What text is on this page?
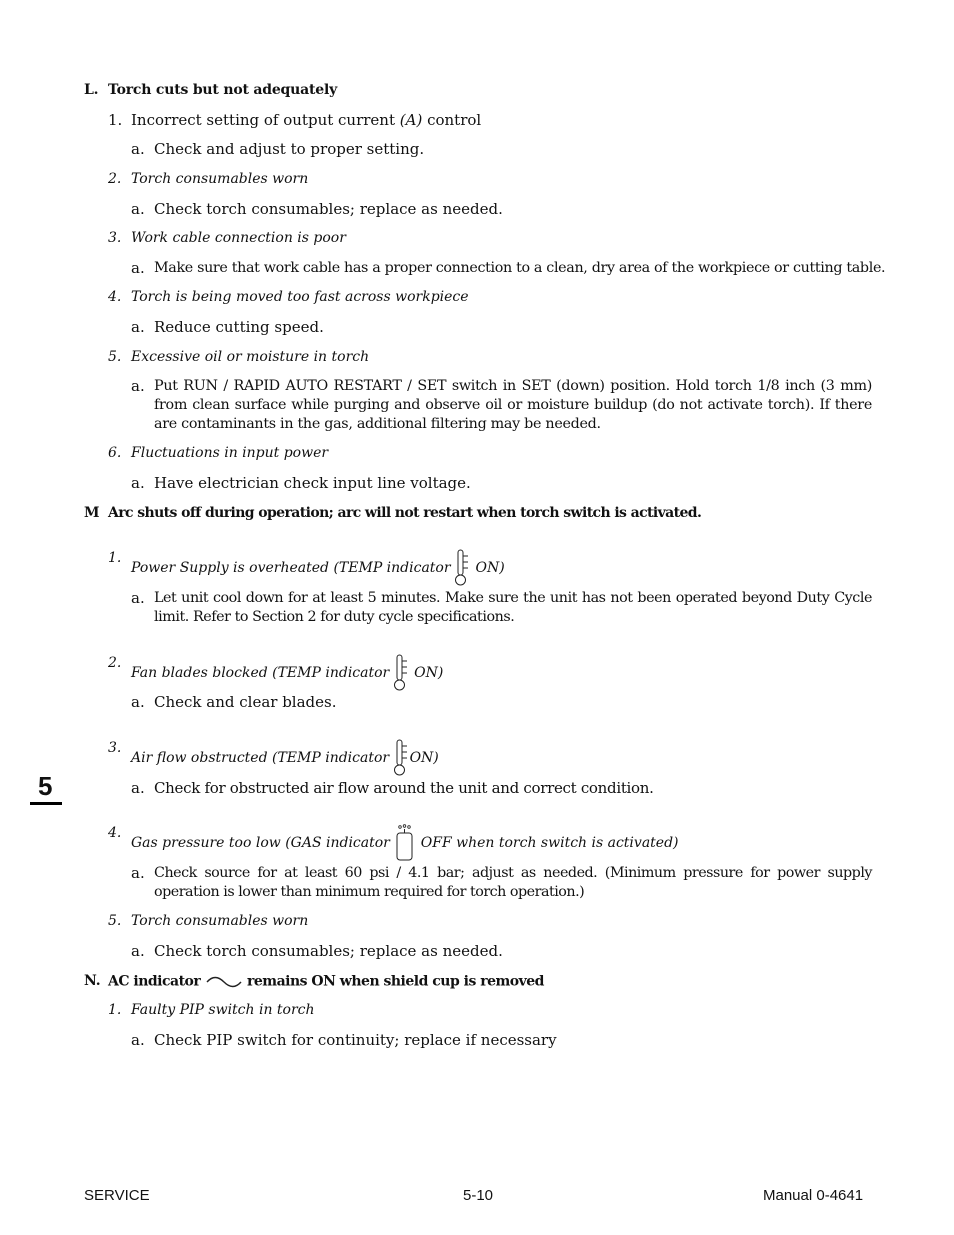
L. Torch cuts but not adequately
1. Incorrect setting of output current (A) control
a. Check and adjust to proper setting.
2. Torch consumables worn
a. Check torch consumables; replace as needed.
3. Work cable connection is poor
a. Make sure that work cable has a proper connection to a clean, dry area of the workpiece or cutting table.
4. Torch is being moved too fast across workpiece
a. Reduce cutting speed.
5. Excessive oil or moisture in torch
a. Put RUN / RAPID AUTO RESTART / SET switch in SET (down) position. Hold torch 1/8 inch (3 mm) from clean surface while purging and observe oil or moisture buildup (do not activate torch). If there are contaminants in the gas, additional filtering may be needed.
6. Fluctuations in input power
a. Have electrician check input line voltage.
M Arc shuts off during operation; arc will not restart when torch switch is activated.
1.
Power Supply is overheated (TEMP indicator  ON)
a. Let unit cool down for at least 5 minutes. Make sure the unit has not been operated beyond Duty Cycle limit. Refer to Section 2 for duty cycle specifications.
2.
Fan blades blocked (TEMP indicator  ON)
a. Check and clear blades.
3.
Air flow obstructed (TEMP indicator ON)
a. Check for obstructed air flow around the unit and correct condition.
4.
Gas pressure too low (GAS indicator  OFF when torch switch is activated)
a. Check source for at least 60 psi / 4.1 bar; adjust as needed. (Minimum pressure for power supply operation is lower than minimum required for torch operation.)
5. Torch consumables worn
a. Check torch consumables; replace as needed.
N. AC indicator	remains ON when shield cup is removed
1. Faulty PIP switch in torch
a. Check PIP switch for continuity; replace if necessary
5
SERVICE	5-10	Manual 0-4641
